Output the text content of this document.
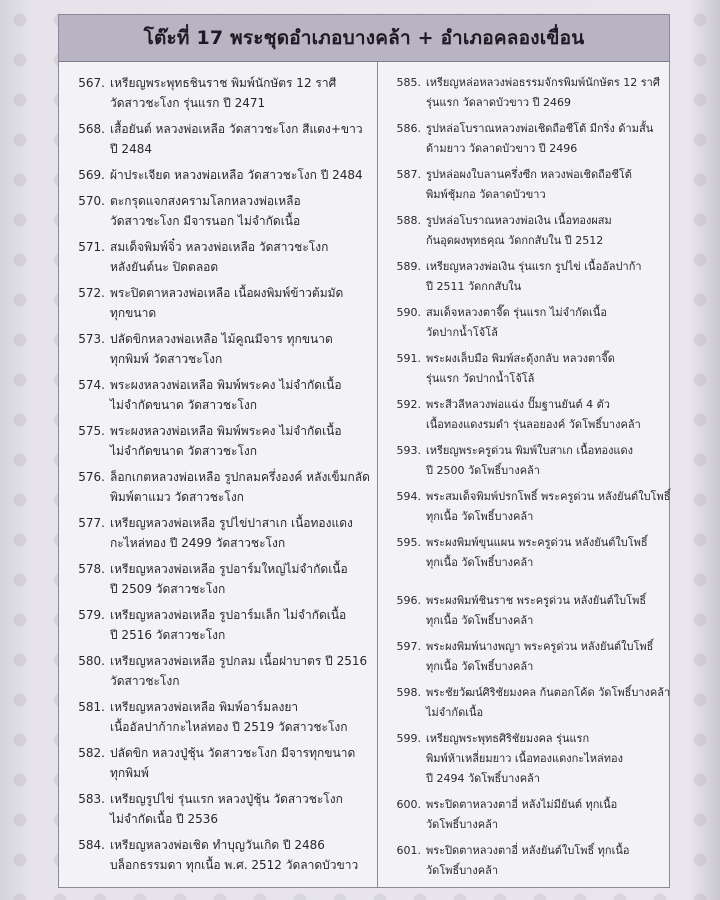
โต๊ะที่ 17 พระชุดอำเภอบางคล้า + อำเภอคลองเขื่อน
567. เหรียญพระพุทธชินราช พิมพ์นักษัตร 12 ราศี
วัดสาวชะโงก รุ่นแรก ปี 2471
568. เสื้อยันต์ หลวงพ่อเหลือ วัดสาวชะโงก สีแดง+ขาว
ปี 2484
569. ผ้าประเจียด หลวงพ่อเหลือ วัดสาวชะโงก ปี 2484
570. ตะกรุดแจกสงครามโลกหลวงพ่อเหลือ
วัดสาวชะโงก มีจารนอก ไม่จำกัดเนื้อ
571. สมเด็จพิมพ์จิ๋ว หลวงพ่อเหลือ วัดสาวชะโงก
หลังยันต์นะ ปิดตลอด
572. พระปิดตาหลวงพ่อเหลือ เนื้อผงพิมพ์ข้าวต้มมัด
ทุกขนาด
573. ปลัดขิกหลวงพ่อเหลือ ไม้คูณมีจาร ทุกขนาด
ทุกพิมพ์ วัดสาวชะโงก
574. พระผงหลวงพ่อเหลือ พิมพ์พระคง ไม่จำกัดเนื้อ
ไม่จำกัดขนาด วัดสาวชะโงก
575. พระผงหลวงพ่อเหลือ พิมพ์พระคง ไม่จำกัดเนื้อ
ไม่จำกัดขนาด วัดสาวชะโงก
576. ล็อกเกตหลวงพ่อเหลือ รูปกลมครึ่งองค์ หลังเข็มกลัด
พิมพ์ตาแมว วัดสาวชะโงก
577. เหรียญหลวงพ่อเหลือ รูปไข่ปาสาเก เนื้อทองแดง
กะไหล่ทอง ปี 2499 วัดสาวชะโงก
578. เหรียญหลวงพ่อเหลือ รูปอาร์มใหญ่ไม่จำกัดเนื้อ
ปี 2509 วัดสาวชะโงก
579. เหรียญหลวงพ่อเหลือ รูปอาร์มเล็ก ไม่จำกัดเนื้อ
ปี 2516 วัดสาวชะโงก
580. เหรียญหลวงพ่อเหลือ รูปกลม เนื้อฝาบาตร ปี 2516
วัดสาวชะโงก
581. เหรียญหลวงพ่อเหลือ พิมพ์อาร์มลงยา
เนื้ออัลปาก้ากะไหล่ทอง ปี 2519 วัดสาวชะโงก
582. ปลัดขิก หลวงปู่ชุ้น วัดสาวชะโงก มีจารทุกขนาด
ทุกพิมพ์
583. เหรียญรูปไข่ รุ่นแรก หลวงปู่ชุ้น วัดสาวชะโงก
ไม่จำกัดเนื้อ ปี 2536
584. เหรียญหลวงพ่อเชิด ทำบุญวันเกิด ปี 2486
บล็อกธรรมดา ทุกเนื้อ พ.ศ. 2512 วัดลาดบัวขาว
585. เหรียญหล่อหลวงพ่อธรรมจักรพิมพ์นักษัตร 12 ราศี
รุ่นแรก วัดลาดบัวขาว ปี 2469
586. รูปหล่อโบราณหลวงพ่อเชิดถือชีโต้ มีกริ่ง ด้ามสั้น
ด้ามยาว วัดลาดบัวขาว ปี 2496
587. รูปหล่อผงใบลานครึ่งซีก หลวงพ่อเชิดถือชีโต้
พิมพ์ชุ้มกอ วัดลาดบัวขาว
588. รูปหล่อโบราณหลวงพ่อเงิน เนื้อทองผสม
ก้นอุดผงพุทธคุณ วัดกกสับใน ปี 2512
589. เหรียญหลวงพ่อเงิน รุ่นแรก รูปไข่ เนื้ออัลปาก้า
ปี 2511 วัดกกสับใน
590. สมเด็จหลวงตาจี๊ด รุ่นแรก ไม่จำกัดเนื้อ
วัดปากน้ำโจ้โล้
591. พระผงเล็บมือ พิมพ์สะดุ้งกลับ หลวงตาจี๊ด
รุ่นแรก วัดปากน้ำโจ้โล้
592. พระสีวลีหลวงพ่อแฉ่ง ปั๊มฐานยันต์ 4 ตัว
เนื้อทองแดงรมดำ รุ่นลอยองค์ วัดโพธิ์บางคล้า
593. เหรียญพระครูด่วน พิมพ์ใบสาเก เนื้อทองแดง
ปี 2500 วัดโพธิ์บางคล้า
594. พระสมเด็จพิมพ์ปรกโพธิ์ พระครูด่วน หลังยันต์ใบโพธิ์
ทุกเนื้อ วัดโพธิ์บางคล้า
595. พระผงพิมพ์ขุนแผน พระครูด่วน หลังยันต์ใบโพธิ์
ทุกเนื้อ วัดโพธิ์บางคล้า
596. พระผงพิมพ์ชินราช พระครูด่วน หลังยันต์ใบโพธิ์
ทุกเนื้อ วัดโพธิ์บางคล้า
597. พระผงพิมพ์นางพญา พระครูด่วน หลังยันต์ใบโพธิ์
ทุกเนื้อ วัดโพธิ์บางคล้า
598. พระชัยวัฒน์ศิริชัยมงคล ก้นตอกโค้ด วัดโพธิ์บางคล้า
ไม่จำกัดเนื้อ
599. เหรียญพระพุทธศิริชัยมงคล รุ่นแรก
พิมพ์ห้าเหลี่ยมยาว เนื้อทองแดงกะไหล่ทอง
ปี 2494 วัดโพธิ์บางคล้า
600. พระปิดตาหลวงตาอี่ หลังไม่มียันต์ ทุกเนื้อ
วัดโพธิ์บางคล้า
601. พระปิดตาหลวงตาอี่ หลังยันต์ใบโพธิ์ ทุกเนื้อ
วัดโพธิ์บางคล้า
